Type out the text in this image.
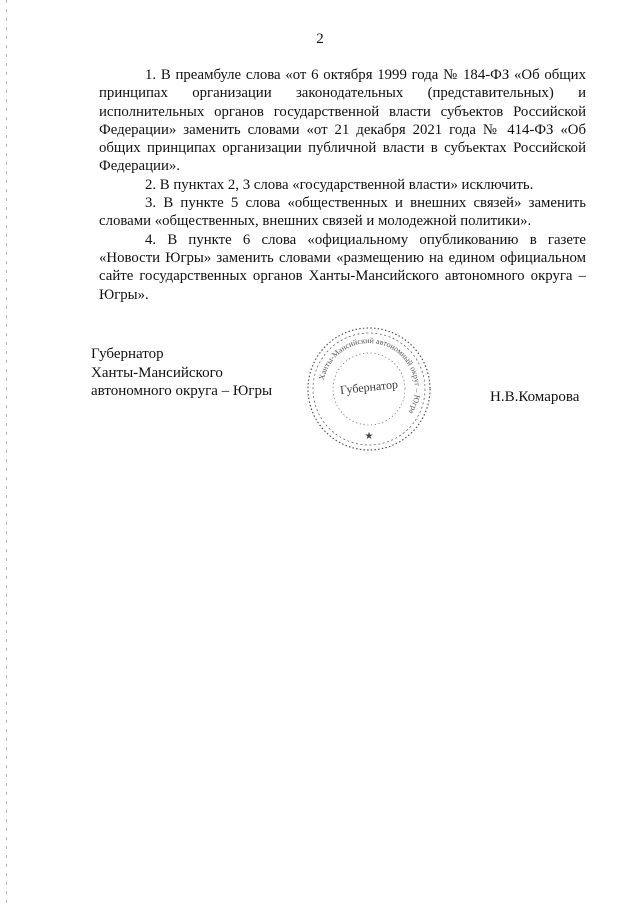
2

1. В преамбуле слова «от 6 октября 1999 года № 184-ФЗ «Об общих принципах организации законодательных (представительных) и исполнительных органов государственной власти субъектов Российской Федерации» заменить словами «от 21 декабря 2021 года № 414-ФЗ «Об общих принципах организации публичной власти в субъектах Российской Федерации».

2. В пунктах 2, 3 слова «государственной власти» исключить.

3. В пункте 5 слова «общественных и внешних связей» заменить словами «общественных, внешних связей и молодежной политики».

4. В пункте 6 слова «официальному опубликованию в газете «Новости Югры» заменить словами «размещению на едином официальном сайте государственных органов Ханты-Мансийского автономного округа – Югры».

Губернатор
Ханты-Мансийского
автономного округа – Югры
Ханты-Мансийский автономный округ – Югра
★
Губернатор	Н.В.Комарова
